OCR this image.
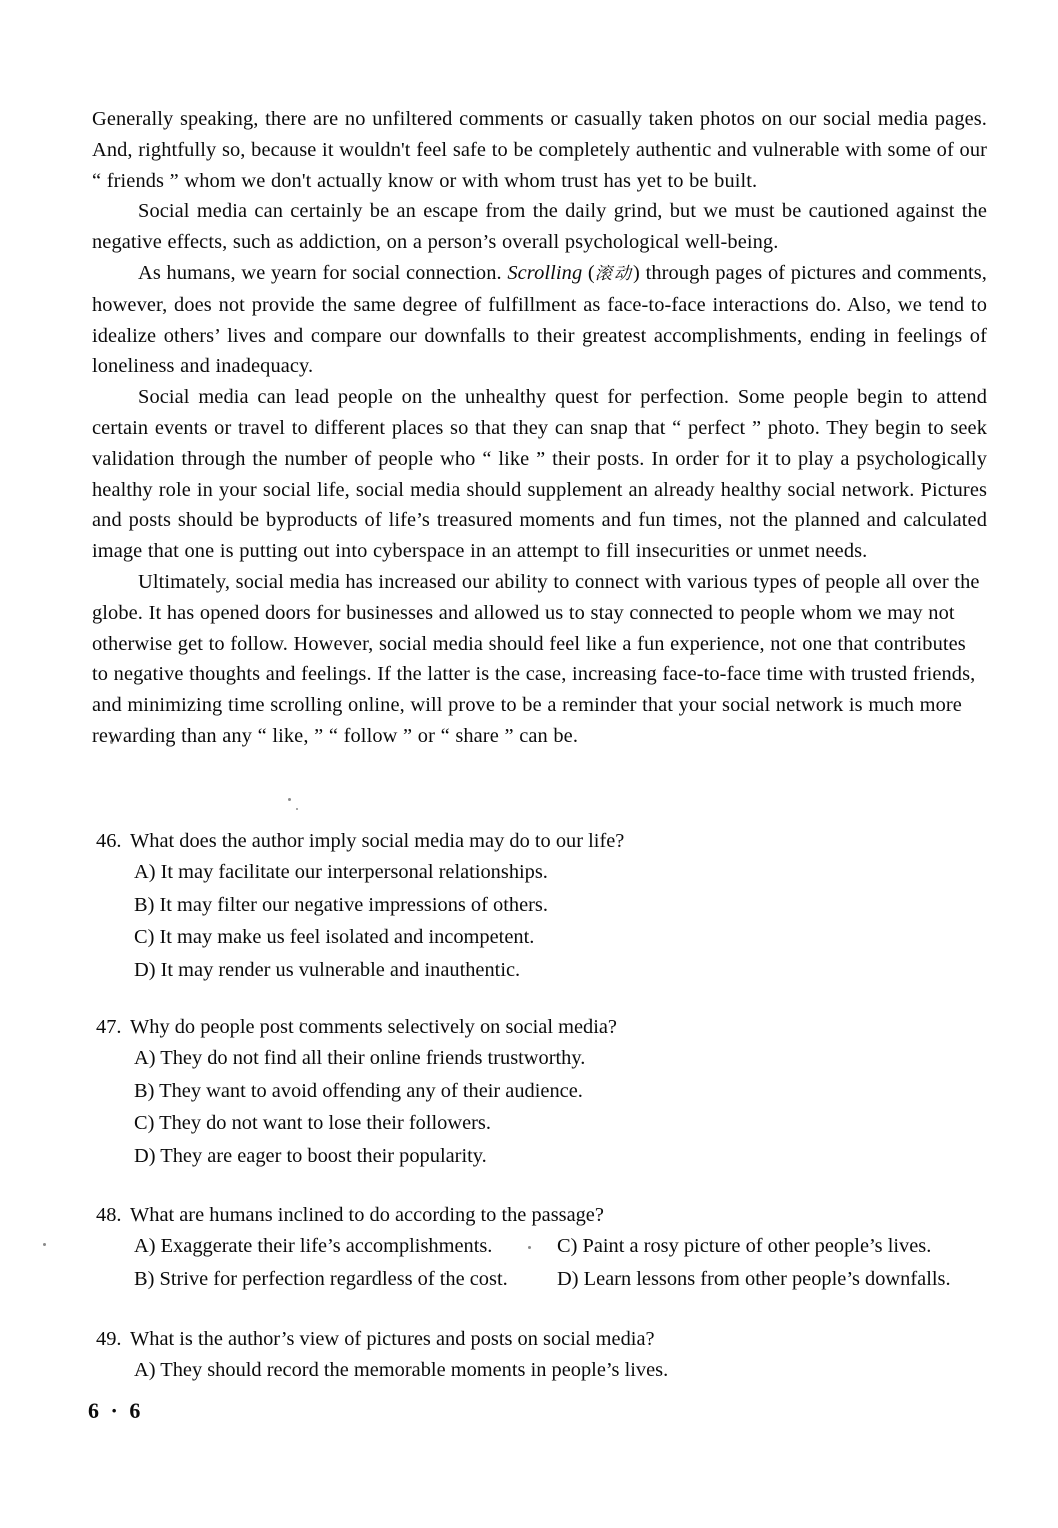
Generally speaking, there are no unfiltered comments or casually taken photos on our social media pages. And, rightfully so, because it wouldn't feel safe to be completely authentic and vulnerable with some of our “ friends ” whom we don't actually know or with whom trust has yet to be built.

Social media can certainly be an escape from the daily grind, but we must be cautioned against the negative effects, such as addiction, on a person’s overall psychological well-being.

As humans, we yearn for social connection. Scrolling (滚动) through pages of pictures and comments, however, does not provide the same degree of fulfillment as face-to-face interactions do. Also, we tend to idealize others’ lives and compare our downfalls to their greatest accomplishments, ending in feelings of loneliness and inadequacy.

Social media can lead people on the unhealthy quest for perfection. Some people begin to attend certain events or travel to different places so that they can snap that “ perfect ” photo. They begin to seek validation through the number of people who “ like ” their posts. In order for it to play a psychologically healthy role in your social life, social media should supplement an already healthy social network. Pictures and posts should be byproducts of life’s treasured moments and fun times, not the planned and calculated image that one is putting out into cyberspace in an attempt to fill insecurities or unmet needs.

Ultimately, social media has increased our ability to connect with various types of people all over the globe. It has opened doors for businesses and allowed us to stay connected to people whom we may not otherwise get to follow. However, social media should feel like a fun experience, not one that contributes to negative thoughts and feelings. If the latter is the case, increasing face-to-face time with trusted friends, and minimizing time scrolling online, will prove to be a reminder that your social network is much more rewarding than any “ like, ” “ follow ” or “ share ” can be.

46. What does the author imply social media may do to our life?
A) It may facilitate our interpersonal relationships.
B) It may filter our negative impressions of others.
C) It may make us feel isolated and incompetent.
D) It may render us vulnerable and inauthentic.
47. Why do people post comments selectively on social media?
A) They do not find all their online friends trustworthy.
B) They want to avoid offending any of their audience.
C) They do not want to lose their followers.
D) They are eager to boost their popularity.
48. What are humans inclined to do according to the passage?
A) Exaggerate their life’s accomplishments.	C) Paint a rosy picture of other people’s lives.
B) Strive for perfection regardless of the cost. D) Learn lessons from other people’s downfalls.
49. What is the author’s view of pictures and posts on social media?
A) They should record the memorable moments in people’s lives.
6 · 6
